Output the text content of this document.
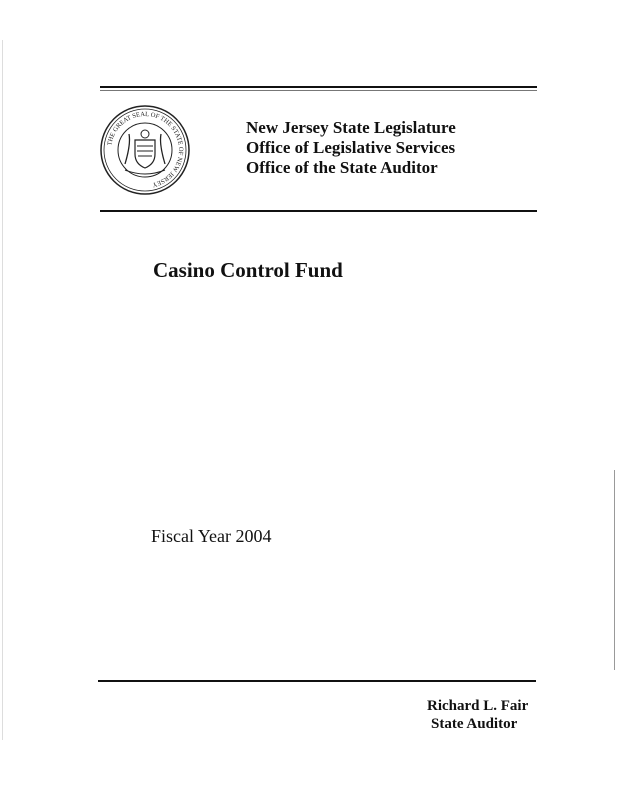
THE GREAT SEAL OF THE STATE OF NEW JERSEY
New Jersey State Legislature
Office of Legislative Services
Office of the State Auditor
Casino Control Fund
Fiscal Year 2004
Richard L. Fair
State Auditor
